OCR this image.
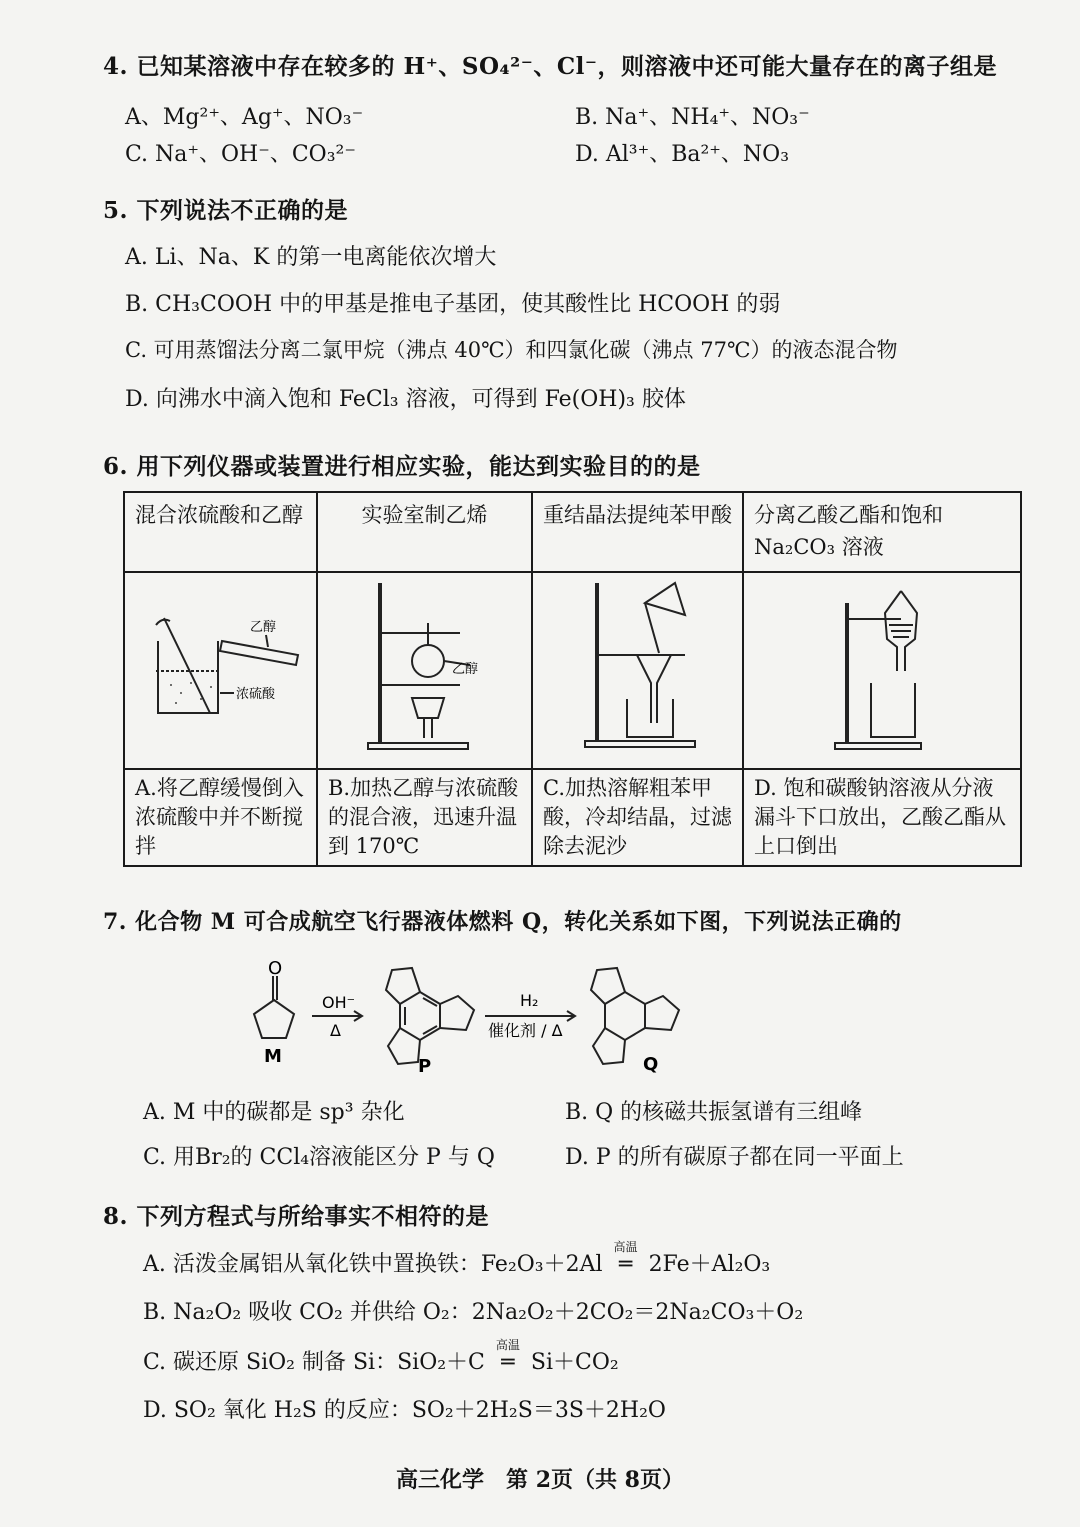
4. 已知某溶液中存在较多的 H⁺、SO₄²⁻、Cl⁻，则溶液中还可能大量存在的离子组是
A、Mg²⁺、Ag⁺、NO₃⁻	B. Na⁺、NH₄⁺、NO₃⁻
C. Na⁺、OH⁻、CO₃²⁻	D. Al³⁺、Ba²⁺、NO₃
5. 下列说法不正确的是
A. Li、Na、K 的第一电离能依次增大
B. CH₃COOH 中的甲基是推电子基团，使其酸性比 HCOOH 的弱
C. 可用蒸馏法分离二氯甲烷（沸点 40℃）和四氯化碳（沸点 77℃）的液态混合物
D. 向沸水中滴入饱和 FeCl₃ 溶液，可得到 Fe(OH)₃ 胶体
6. 用下列仪器或装置进行相应实验，能达到实验目的的是
混合浓硫酸和乙醇	实验室制乙烯	重结晶法提纯苯甲酸	分离乙酸乙酯和饱和 Na₂CO₃ 溶液

乙醇
浓硫酸	乙醇

A.将乙醇缓慢倒入浓硫酸中并不断搅拌	B.加热乙醇与浓硫酸的混合液，迅速升温到 170℃	C.加热溶解粗苯甲酸，冷却结晶，过滤除去泥沙	D. 饱和碳酸钠溶液从分液漏斗下口放出，乙酸乙酯从上口倒出
7. 化合物 M 可合成航空飞行器液体燃料 Q，转化关系如下图，下列说法正确的
O
M
OH⁻
Δ
P
H₂
催化剂 / Δ
Q
A. M 中的碳都是 sp³ 杂化	B. Q 的核磁共振氢谱有三组峰
C. 用Br₂的 CCl₄溶液能区分 P 与 Q	D. P 的所有碳原子都在同一平面上
8. 下列方程式与所给事实不相符的是
A. 活泼金属铝从氧化铁中置换铁：Fe₂O₃＋2Al
高温
═ 2Fe＋Al₂O₃
B. Na₂O₂ 吸收 CO₂ 并供给 O₂：2Na₂O₂＋2CO₂＝2Na₂CO₃＋O₂
C. 碳还原 SiO₂ 制备 Si：SiO₂＋C
高温
═ Si＋CO₂
D. SO₂ 氧化 H₂S 的反应：SO₂＋2H₂S＝3S＋2H₂O
高三化学　第 2页（共 8页）
